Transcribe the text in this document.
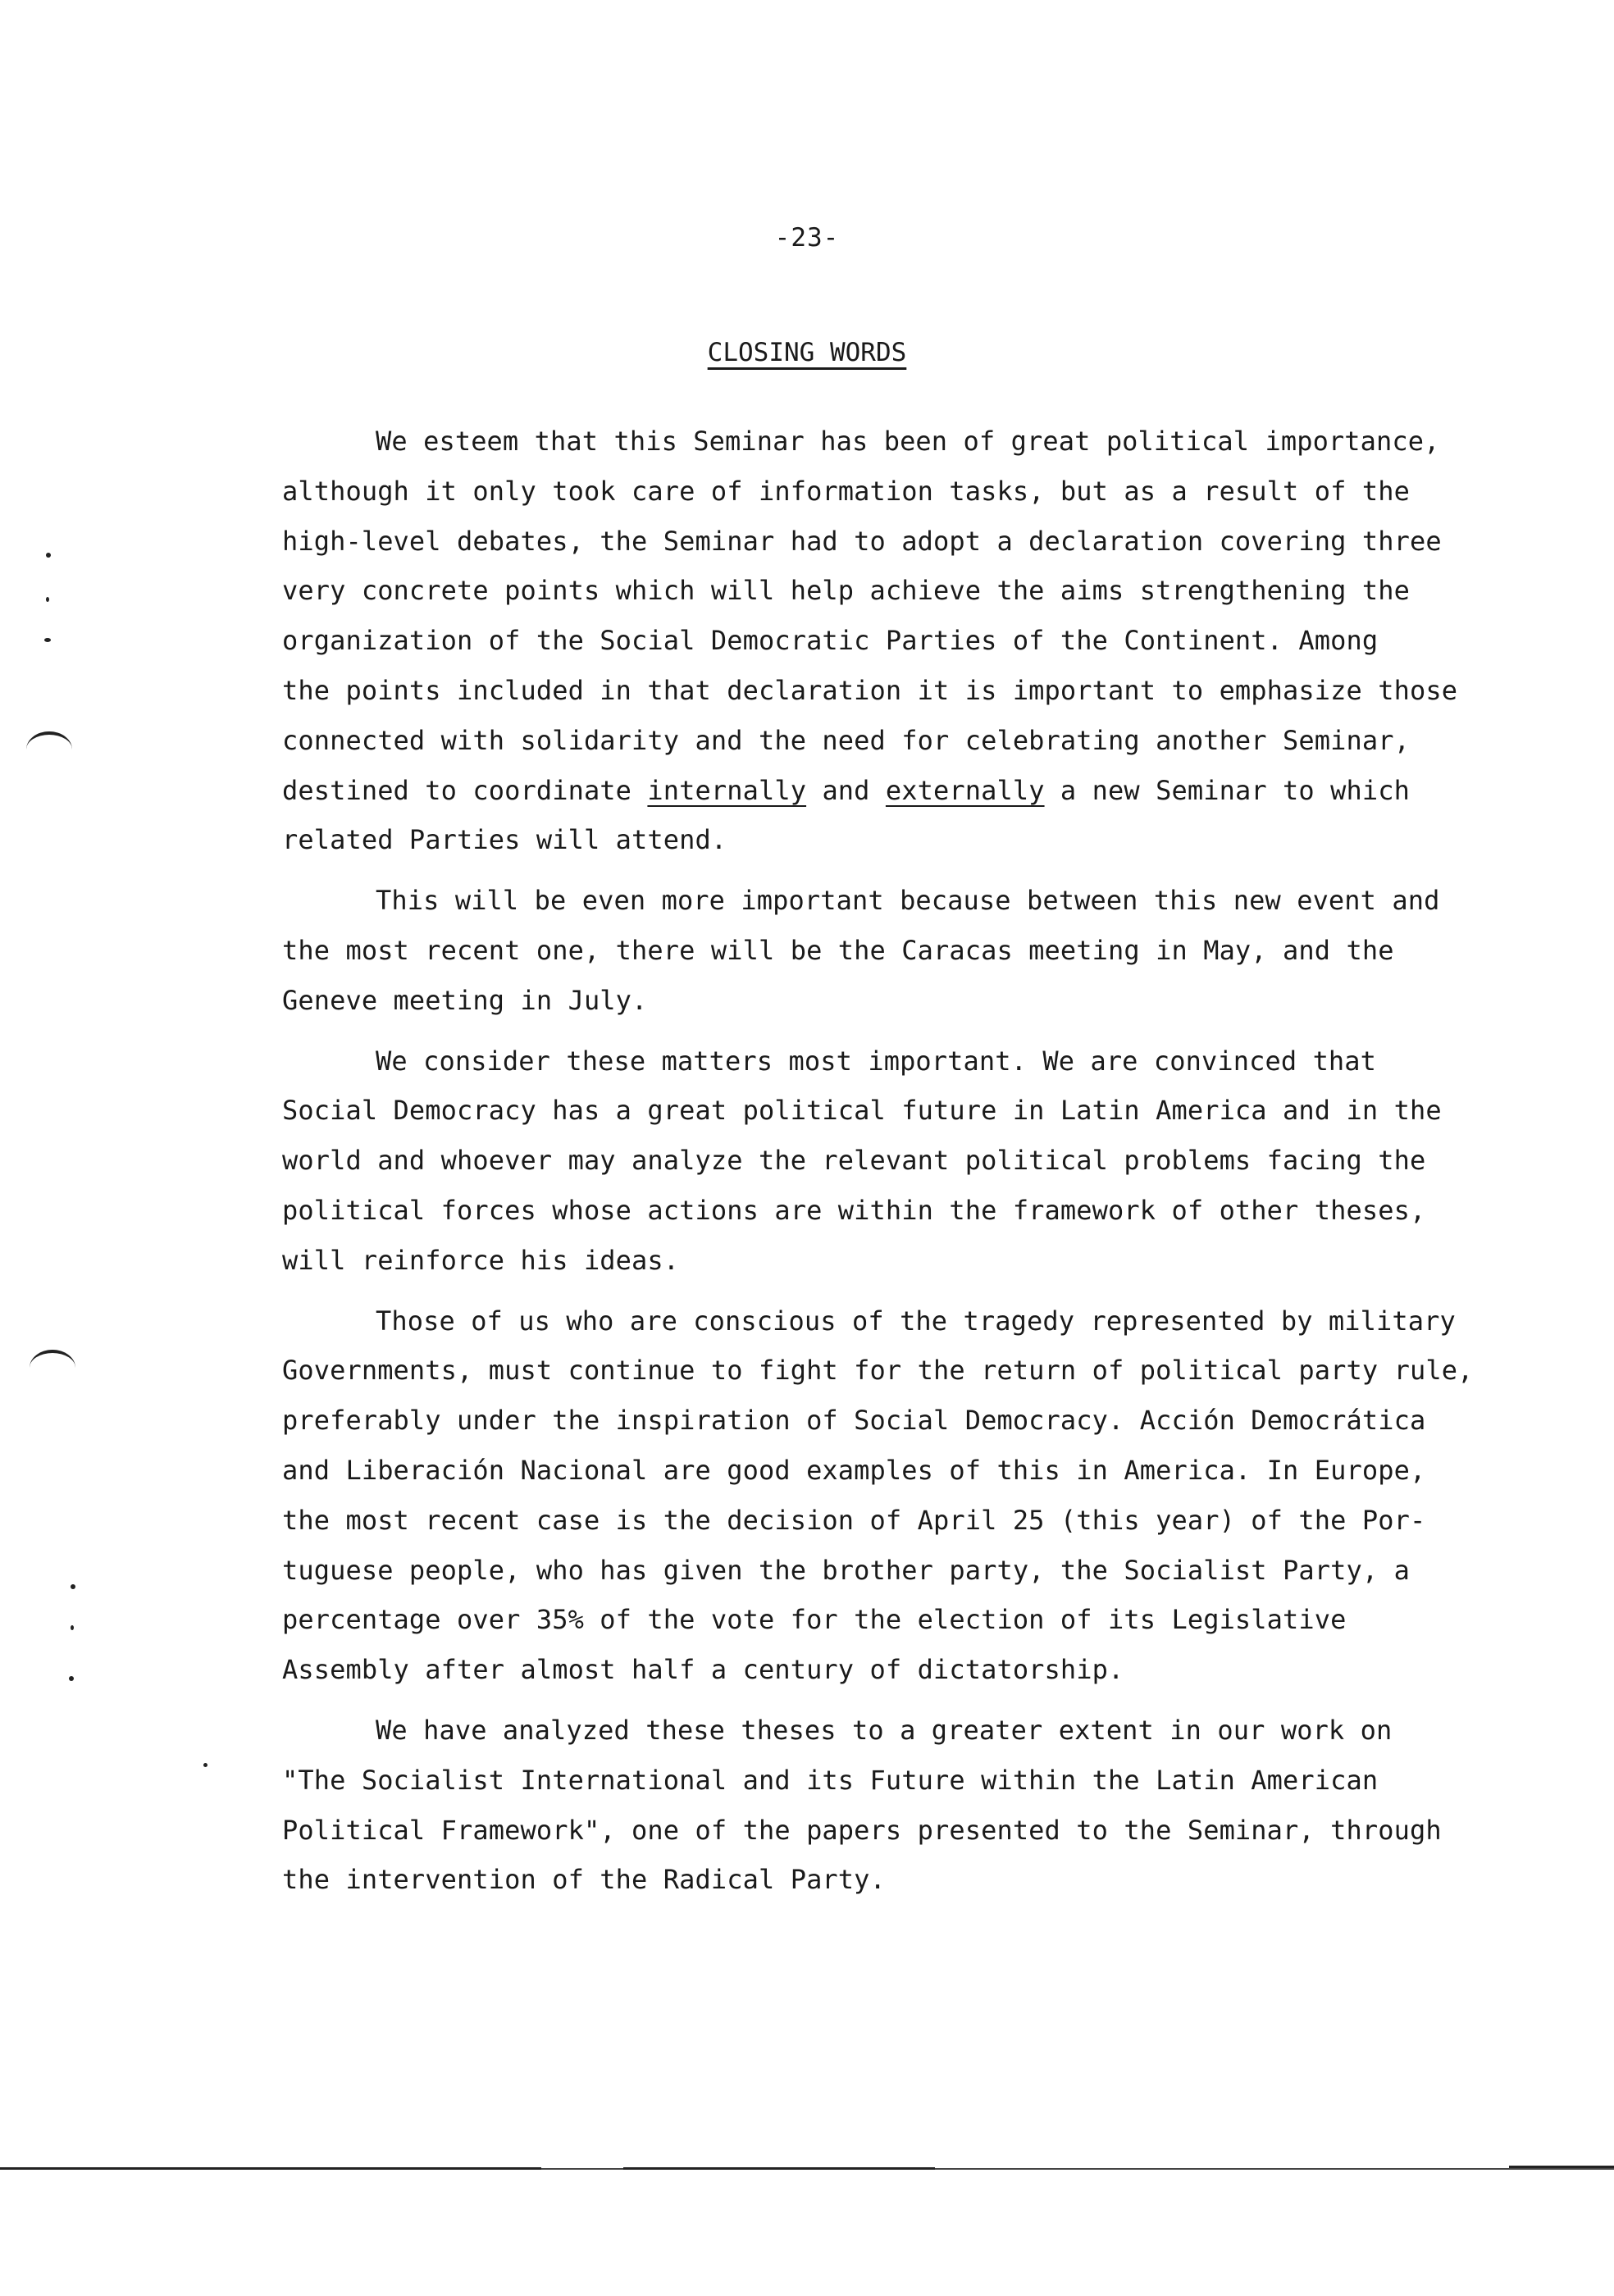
-23-
CLOSING WORDS

We esteem that this Seminar has been of great political importance,
although it only took care of information tasks, but as a result of the
high-level debates, the Seminar had to adopt a declaration covering three
very concrete points which will help achieve the aims strengthening the
organization of the Social Democratic Parties of the Continent. Among
the points included in that declaration it is important to emphasize those
connected with solidarity and the need for celebrating another Seminar,
destined to coordinate internally and externally a new Seminar to which
related Parties will attend.

This will be even more important because between this new event and
the most recent one, there will be the Caracas meeting in May, and the
Geneve meeting in July.

We consider these matters most important. We are convinced that
Social Democracy has a great political future in Latin America and in the
world and whoever may analyze the relevant political problems facing the
political forces whose actions are within the framework of other theses,
will reinforce his ideas.

Those of us who are conscious of the tragedy represented by military
Governments, must continue to fight for the return of political party rule,
preferably under the inspiration of Social Democracy. Acción Democrática
and Liberación Nacional are good examples of this in America. In Europe,
the most recent case is the decision of April 25 (this year) of the Por-
tuguese people, who has given the brother party, the Socialist Party, a
percentage over 35% of the vote for the election of its Legislative
Assembly after almost half a century of dictatorship.

We have analyzed these theses to a greater extent in our work on
"The Socialist International and its Future within the Latin American
Political Framework", one of the papers presented to the Seminar, through
the intervention of the Radical Party.
